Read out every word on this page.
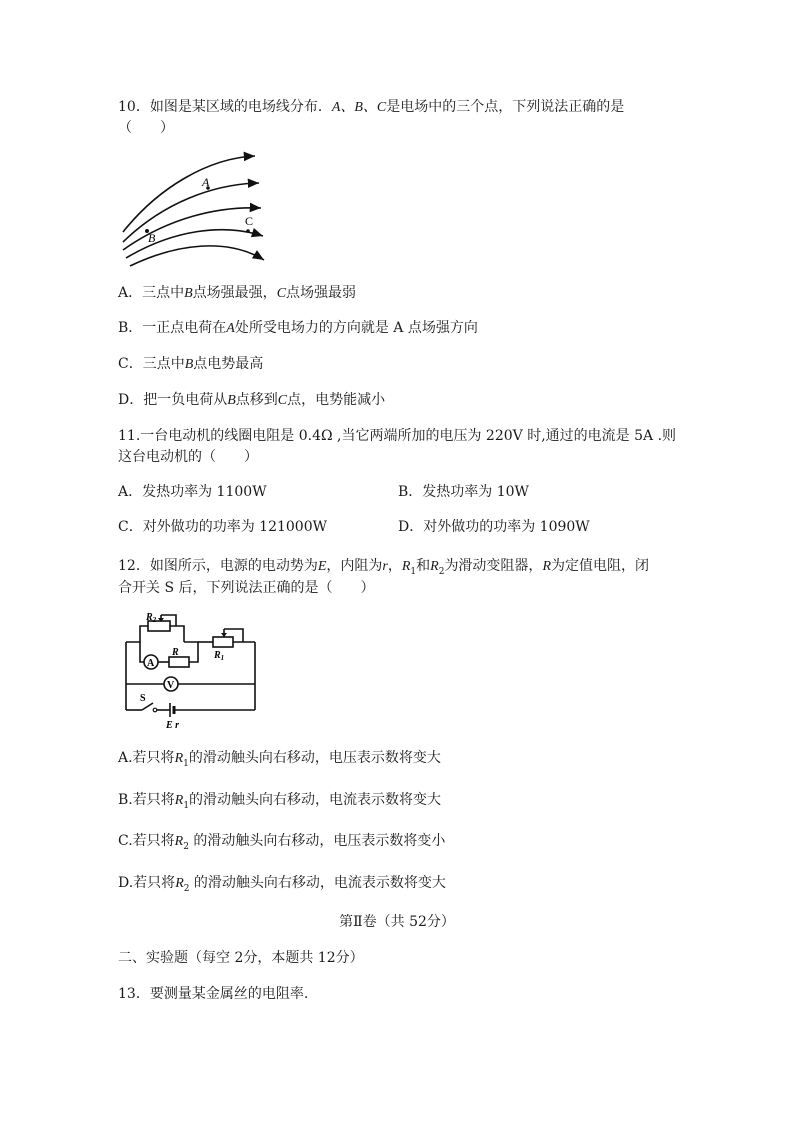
10．如图是某区域的电场线分布．A、B、C是电场中的三个点，下列说法正确的是
（　　）
A
B
C
A．三点中B点场强最强，C点场强最弱
B．一正点电荷在A处所受电场力的方向就是 A 点场强方向
C．三点中B点电势最高
D．把一负电荷从B点移到C点，电势能减小
11.一台电动机的线圈电阻是 0.4Ω ,当它两端所加的电压为 220V 时,通过的电流是 5A .则
这台电动机的（　　）
A．发热功率为 1100W	B．发热功率为 10W
C．对外做功的功率为 121000W	D．对外做功的功率为 1090W
12．如图所示，电源的电动势为E，内阻为r，$R_1$和$R_2$为滑动变阻器，R为定值电阻，闭
合开关 S 后，下列说法正确的是（　　）
A
V
$R_2$
R	$R_1$
S
E r
A.若只将$R_1$的滑动触头向右移动，电压表示数将变大
B.若只将$R_1$的滑动触头向右移动，电流表示数将变大
C.若只将$R_2$ 的滑动触头向右移动，电压表示数将变小
D.若只将$R_2$ 的滑动触头向右移动，电流表示数将变大
第Ⅱ卷（共 52分）
二、实验题（每空 2分，本题共 12分）
13．要测量某金属丝的电阻率.
